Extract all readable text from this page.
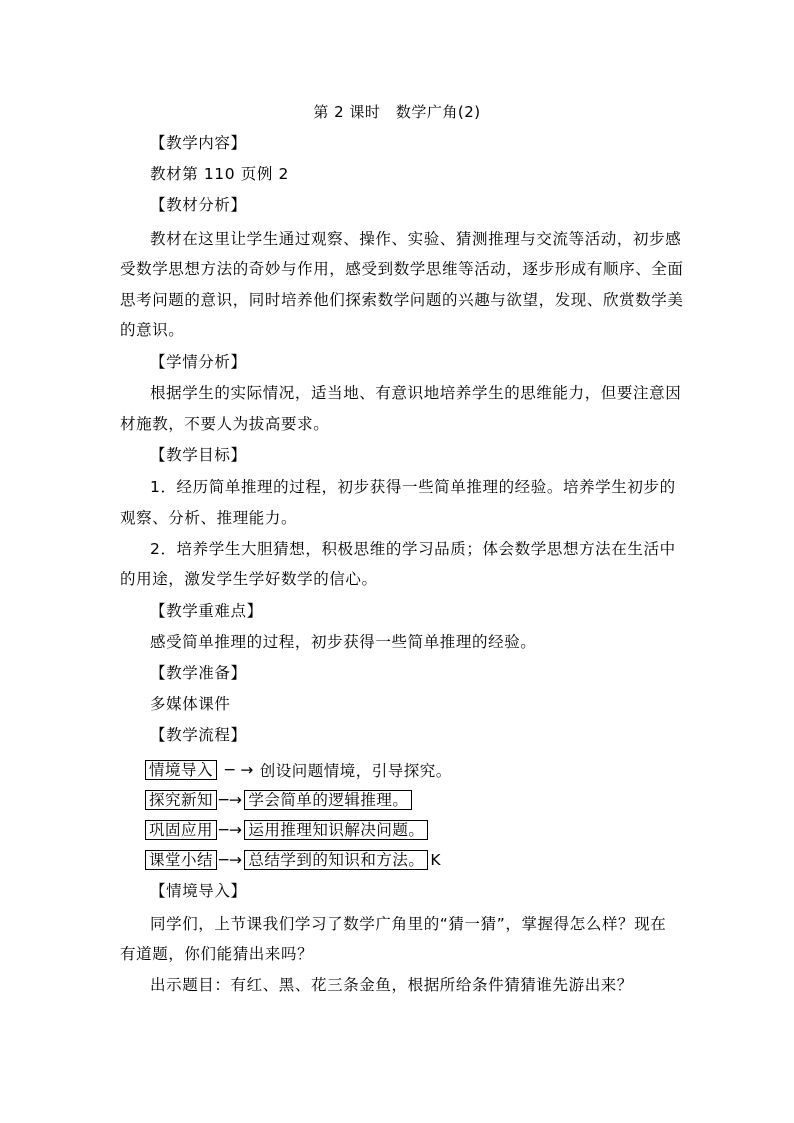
第 2 课时　数学广角(2)
【教学内容】
教材第 110 页例 2
【教材分析】
教材在这里让学生通过观察、操作、实验、猜测推理与交流等活动，初步感
受数学思想方法的奇妙与作用，感受到数学思维等活动，逐步形成有顺序、全面
思考问题的意识，同时培养他们探索数学问题的兴趣与欲望，发现、欣赏数学美
的意识。
【学情分析】
根据学生的实际情况，适当地、有意识地培养学生的思维能力，但要注意因
材施教，不要人为拔高要求。
【教学目标】
1．经历简单推理的过程，初步获得一些简单推理的经验。培养学生初步的
观察、分析、推理能力。
2．培养学生大胆猜想，积极思维的学习品质；体会数学思想方法在生活中
的用途，激发学生学好数学的信心。
【教学重难点】
感受简单推理的过程，初步获得一些简单推理的经验。
【教学准备】
多媒体课件
【教学流程】
情境导入 ─ → 创设问题情境，引导探究。
探究新知 ─→ 学会简单的逻辑推理。
巩固应用 ─→ 运用推理知识解决问题。
课堂小结 ─→ 总结学到的知识和方法。 K
【情境导入】
同学们，上节课我们学习了数学广角里的“猜一猜”，掌握得怎么样？现在
有道题，你们能猜出来吗？
出示题目：有红、黑、花三条金鱼，根据所给条件猜猜谁先游出来？
